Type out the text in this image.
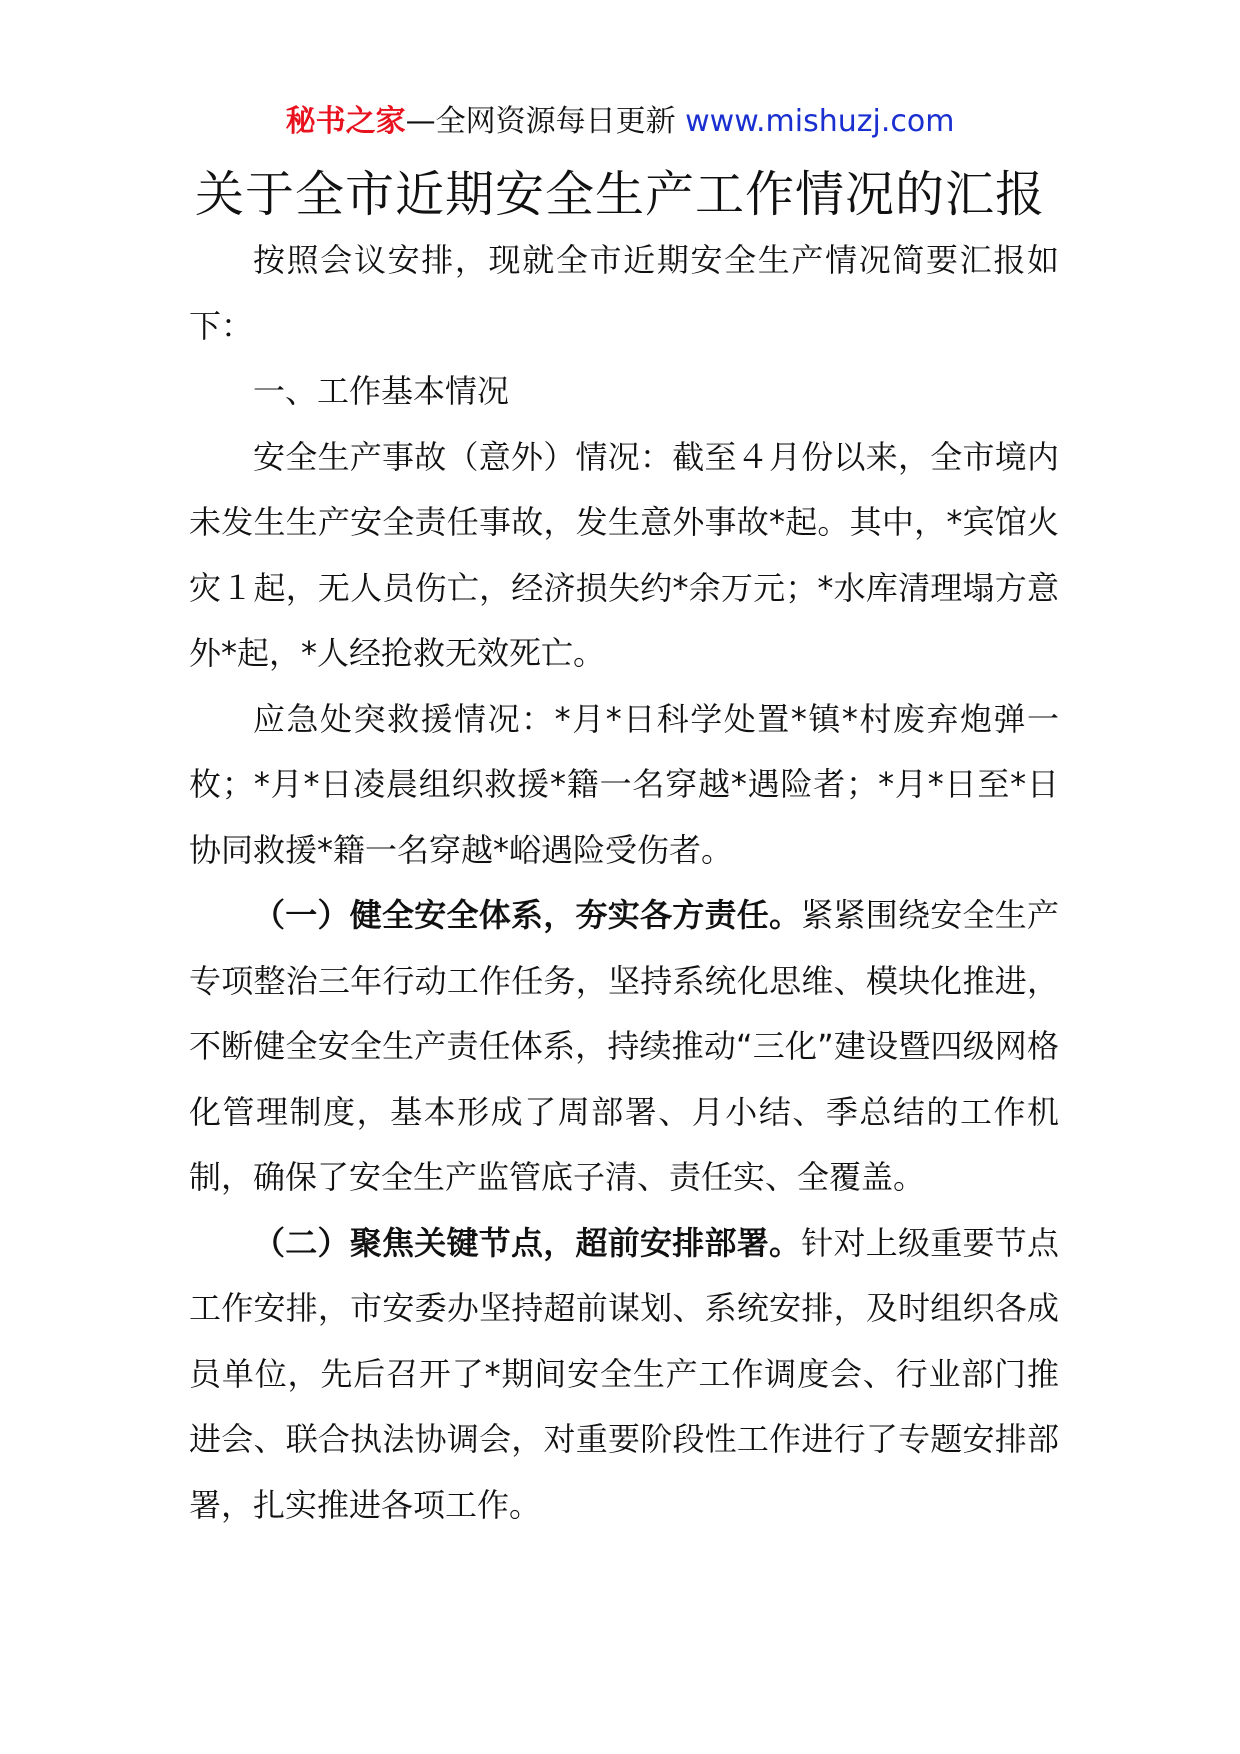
秘书之家—全网资源每日更新 www.mishuzj.com
关于全市近期安全生产工作情况的汇报

按照会议安排，现就全市近期安全生产情况简要汇报如下：

一、工作基本情况

安全生产事故（意外）情况：截至４月份以来，全市境内未发生生产安全责任事故，发生意外事故*起。其中，*宾馆火灾１起，无人员伤亡，经济损失约*余万元；*水库清理塌方意外*起，*人经抢救无效死亡。

应急处突救援情况：*月*日科学处置*镇*村废弃炮弹一枚；*月*日凌晨组织救援*籍一名穿越*遇险者；*月*日至*日协同救援*籍一名穿越*峪遇险受伤者。

（一）健全安全体系，夯实各方责任。紧紧围绕安全生产专项整治三年行动工作任务，坚持系统化思维、模块化推进，不断健全安全生产责任体系，持续推动“三化”建设暨四级网格化管理制度，基本形成了周部署、月小结、季总结的工作机制，确保了安全生产监管底子清、责任实、全覆盖。

（二）聚焦关键节点，超前安排部署。针对上级重要节点工作安排，市安委办坚持超前谋划、系统安排，及时组织各成员单位，先后召开了*期间安全生产工作调度会、行业部门推进会、联合执法协调会，对重要阶段性工作进行了专题安排部署，扎实推进各项工作。
